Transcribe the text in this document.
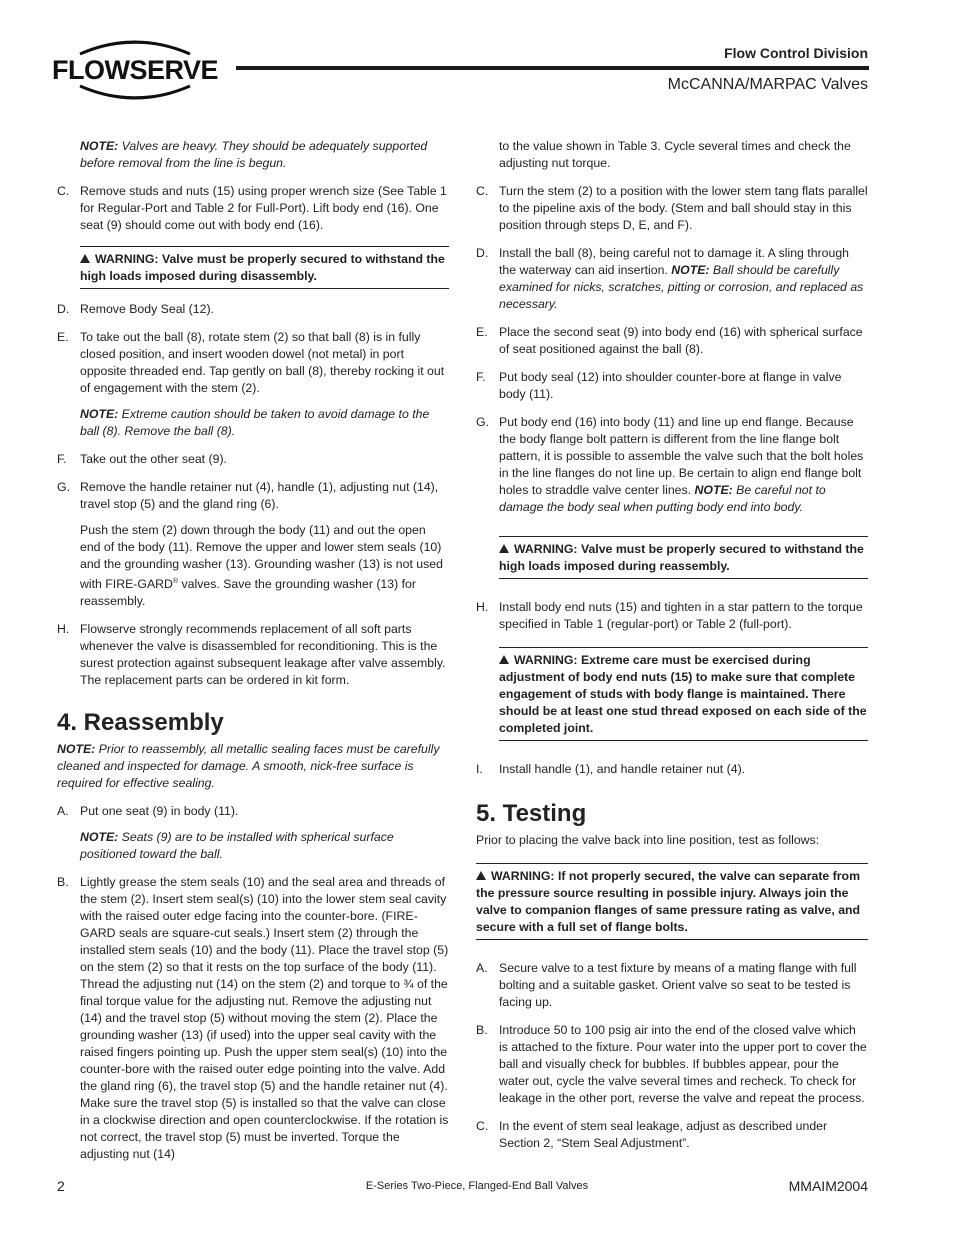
FLOWSERVE
Flow Control Division
McCANNA/MARPAC Valves
NOTE: Valves are heavy. They should be adequately supported before removal from the line is begun.
C. Remove studs and nuts (15) using proper wrench size (See Table 1 for Regular-Port and Table 2 for Full-Port). Lift body end (16). One seat (9) should come out with body end (16).

WARNING: Valve must be properly secured to withstand the high loads imposed during disassembly.
D. Remove Body Seal (12).

E. To take out the ball (8), rotate stem (2) so that ball (8) is in fully closed position, and insert wooden dowel (not metal) in port opposite threaded end. Tap gently on ball (8), thereby rocking it out of engagement with the stem (2).

NOTE: Extreme caution should be taken to avoid damage to the ball (8). Remove the ball (8).

F.	Take out the other seat (9).

G. Remove the handle retainer nut (4), handle (1), adjusting nut (14), travel stop (5) and the gland ring (6).

Push the stem (2) down through the body (11) and out the open end of the body (11). Remove the upper and lower stem seals (10) and the grounding washer (13). Grounding washer (13) is not used with FIRE-GARD® valves. Save the grounding washer (13) for reassembly.

H. Flowserve strongly recommends replacement of all soft parts whenever the valve is disassembled for reconditioning. This is the surest protection against subsequent leakage after valve assembly. The replacement parts can be ordered in kit form.

4. Reassembly

NOTE: Prior to reassembly, all metallic sealing faces must be carefully cleaned and inspected for damage. A smooth, nick-free surface is required for effective sealing.

A. Put one seat (9) in body (11).

NOTE: Seats (9) are to be installed with spherical surface positioned toward the ball.

B. Lightly grease the stem seals (10) and the seal area and threads of the stem (2). Insert stem seal(s) (10) into the lower stem seal cavity with the raised outer edge facing into the counter-bore. (FIRE-GARD seals are square-cut seals.) Insert stem (2) through the installed stem seals (10) and the body (11). Place the travel stop (5) on the stem (2) so that it rests on the top surface of the body (11). Thread the adjusting nut (14) on the stem (2) and torque to ¾ of the final torque value for the adjusting nut. Remove the adjusting nut (14) and the travel stop (5) without moving the stem (2). Place the grounding washer (13) (if used) into the upper seal cavity with the raised fingers pointing up. Push the upper stem seal(s) (10) into the counter-bore with the raised outer edge pointing into the valve. Add the gland ring (6), the travel stop (5) and the handle retainer nut (4). Make sure the travel stop (5) is installed so that the valve can close in a clockwise direction and open counterclockwise. If the rotation is not correct, the travel stop (5) must be inverted. Torque the adjusting nut (14)

to the value shown in Table 3. Cycle several times and check the adjusting nut torque.

C. Turn the stem (2) to a position with the lower stem tang flats parallel to the pipeline axis of the body. (Stem and ball should stay in this position through steps D, E, and F).

D. Install the ball (8), being careful not to damage it. A sling through the waterway can aid insertion. NOTE: Ball should be carefully examined for nicks, scratches, pitting or corrosion, and replaced as necessary.

E. Place the second seat (9) into body end (16) with spherical surface of seat positioned against the ball (8).

F.	Put body seal (12) into shoulder counter-bore at flange in valve body (11).

G. Put body end (16) into body (11) and line up end flange. Because the body flange bolt pattern is different from the line flange bolt pattern, it is possible to assemble the valve such that the bolt holes in the line flanges do not line up. Be certain to align end flange bolt holes to straddle valve center lines. NOTE: Be careful not to damage the body seal when putting body end into body.

WARNING: Valve must be properly secured to withstand the high loads imposed during reassembly.
H. Install body end nuts (15) and tighten in a star pattern to the torque specified in Table 1 (regular-port) or Table 2 (full-port).

WARNING: Extreme care must be exercised during adjustment of body end nuts (15) to make sure that complete engagement of studs with body flange is maintained. There should be at least one stud thread exposed on each side of the completed joint.
I.	Install handle (1), and handle retainer nut (4).

5. Testing

Prior to placing the valve back into line position, test as follows:

WARNING: If not properly secured, the valve can separate from the pressure source resulting in possible injury. Always join the valve to companion flanges of same pressure rating as valve, and secure with a full set of flange bolts.
A. Secure valve to a test fixture by means of a mating flange with full bolting and a suitable gasket. Orient valve so seat to be tested is facing up.

B. Introduce 50 to 100 psig air into the end of the closed valve which is attached to the fixture. Pour water into the upper port to cover the ball and visually check for bubbles. If bubbles appear, pour the water out, cycle the valve several times and recheck. To check for leakage in the other port, reverse the valve and repeat the process.

C. In the event of stem seal leakage, adjust as described under Section 2, “Stem Seal Adjustment”.

2	E-Series Two-Piece, Flanged-End Ball Valves	MMAIM2004
